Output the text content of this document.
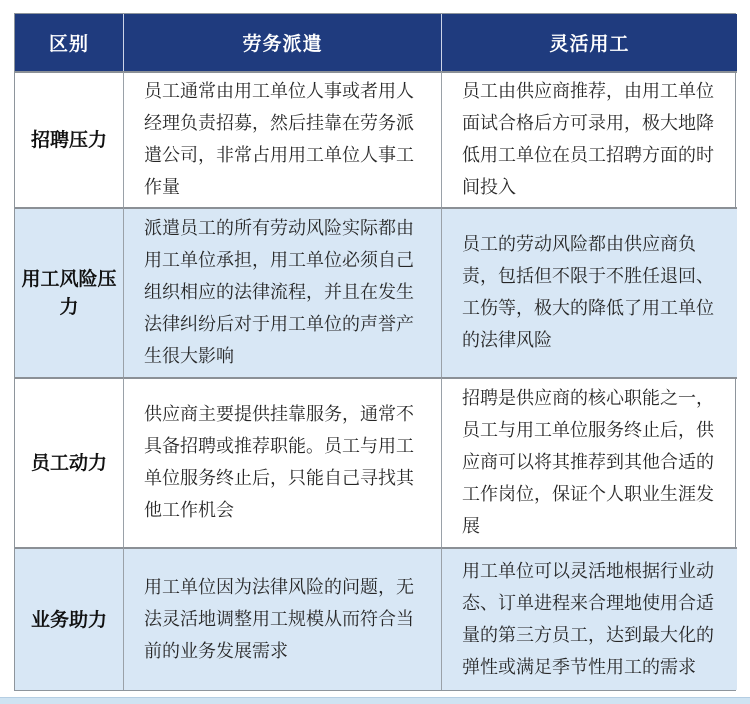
区别	劳务派遣	灵活用工
招聘压力
员工通常由用工单位人事或者用人经理负责招募，然后挂靠在劳务派遣公司，非常占用用工单位人事工作量
员工由供应商推荐，由用工单位面试合格后方可录用，极大地降低用工单位在员工招聘方面的时间投入
用工风险压力
派遣员工的所有劳动风险实际都由用工单位承担，用工单位必须自己组织相应的法律流程，并且在发生法律纠纷后对于用工单位的声誉产生很大影响
员工的劳动风险都由供应商负责，包括但不限于不胜任退回、工伤等，极大的降低了用工单位的法律风险
员工动力
供应商主要提供挂靠服务，通常不具备招聘或推荐职能。员工与用工单位服务终止后，只能自己寻找其他工作机会
招聘是供应商的核心职能之一，员工与用工单位服务终止后，供应商可以将其推荐到其他合适的工作岗位，保证个人职业生涯发展
业务助力
用工单位因为法律风险的问题，无法灵活地调整用工规模从而符合当前的业务发展需求
用工单位可以灵活地根据行业动态、订单进程来合理地使用合适量的第三方员工，达到最大化的弹性或满足季节性用工的需求
